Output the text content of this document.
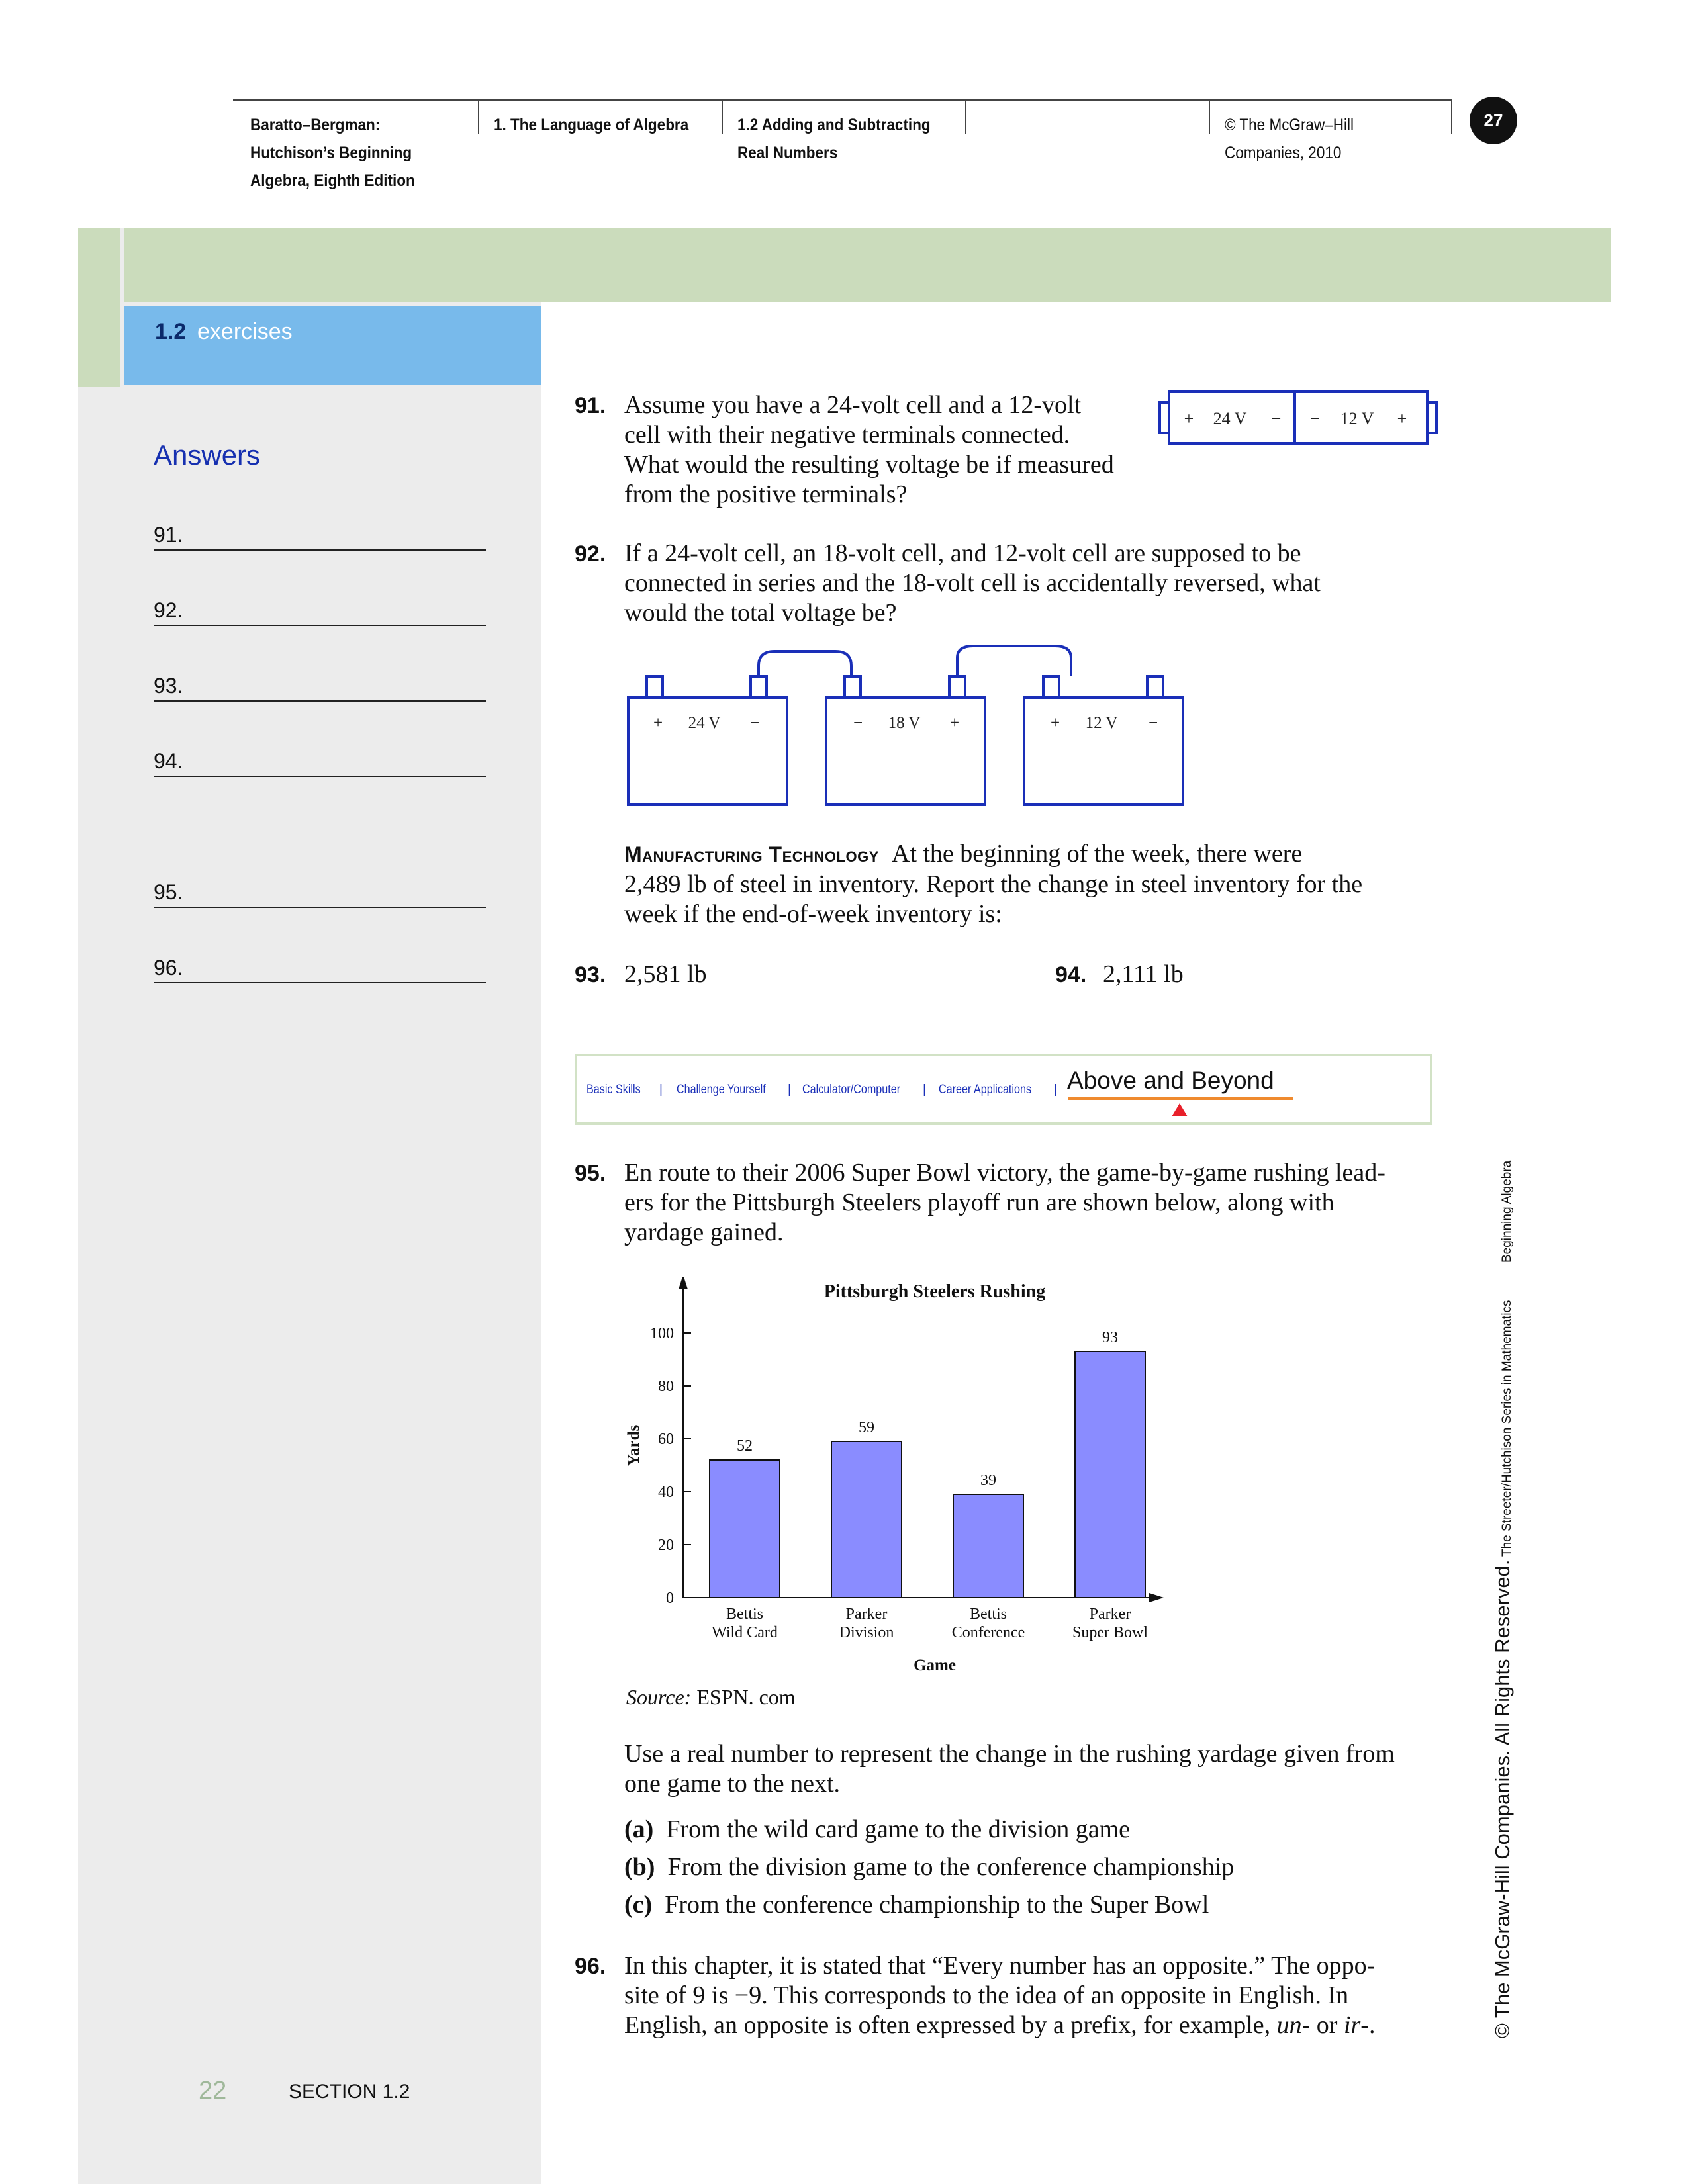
Baratto–Bergman:
Hutchison’s Beginning
Algebra, Eighth Edition
1. The Language of Algebra	1.2 Adding and Subtracting
Real Numbers
© The McGraw–Hill
Companies, 2010
27
1.2 exercises
Answers
91.
92.
93.
94.
95.
96.
22	SECTION 1.2
91. Assume you have a 24-volt cell and a 12-volt
cell with their negative terminals connected.
What would the resulting voltage be if measured
from the positive terminals?
+ 24 V − − 12 V +
92. If a 24-volt cell, an 18-volt cell, and 12-volt cell are supposed to be
connected in series and the 18-volt cell is accidentally reversed, what
would the total voltage be?
+ 24 V −	− 18 V +	+ 12 V −
Manufacturing Technology At the beginning of the week, there were
2,489 lb of steel in inventory. Report the change in steel inventory for the
week if the end-of-week inventory is:
93. 2,581 lb	94. 2,111 lb
Basic Skills | Challenge Yourself | Calculator/Computer | Career Applications | Above and Beyond
95. En route to their 2006 Super Bowl victory, the game-by-game rushing lead-
ers for the Pittsburgh Steelers playoff run are shown below, along with
yardage gained.
0
20
40
60
80
100
Pittsburgh Steelers Rushing
Game
Yards	52
Bettis
Wild Card
59
Parker
Division
39
Bettis
Conference
93
Parker
Super Bowl
Source: ESPN. com
Use a real number to represent the change in the rushing yardage given from
one game to the next.
(a) From the wild card game to the division game
(b) From the division game to the conference championship
(c) From the conference championship to the Super Bowl
96. In this chapter, it is stated that “Every number has an opposite.” The oppo-
site of 9 is −9. This corresponds to the idea of an opposite in English. In
English, an opposite is often expressed by a prefix, for example, un- or ir-.	© The McGraw-Hill Companies. All Rights Reserved.
The Streeter/Hutchison Series in Mathematics
Beginning Algebra
